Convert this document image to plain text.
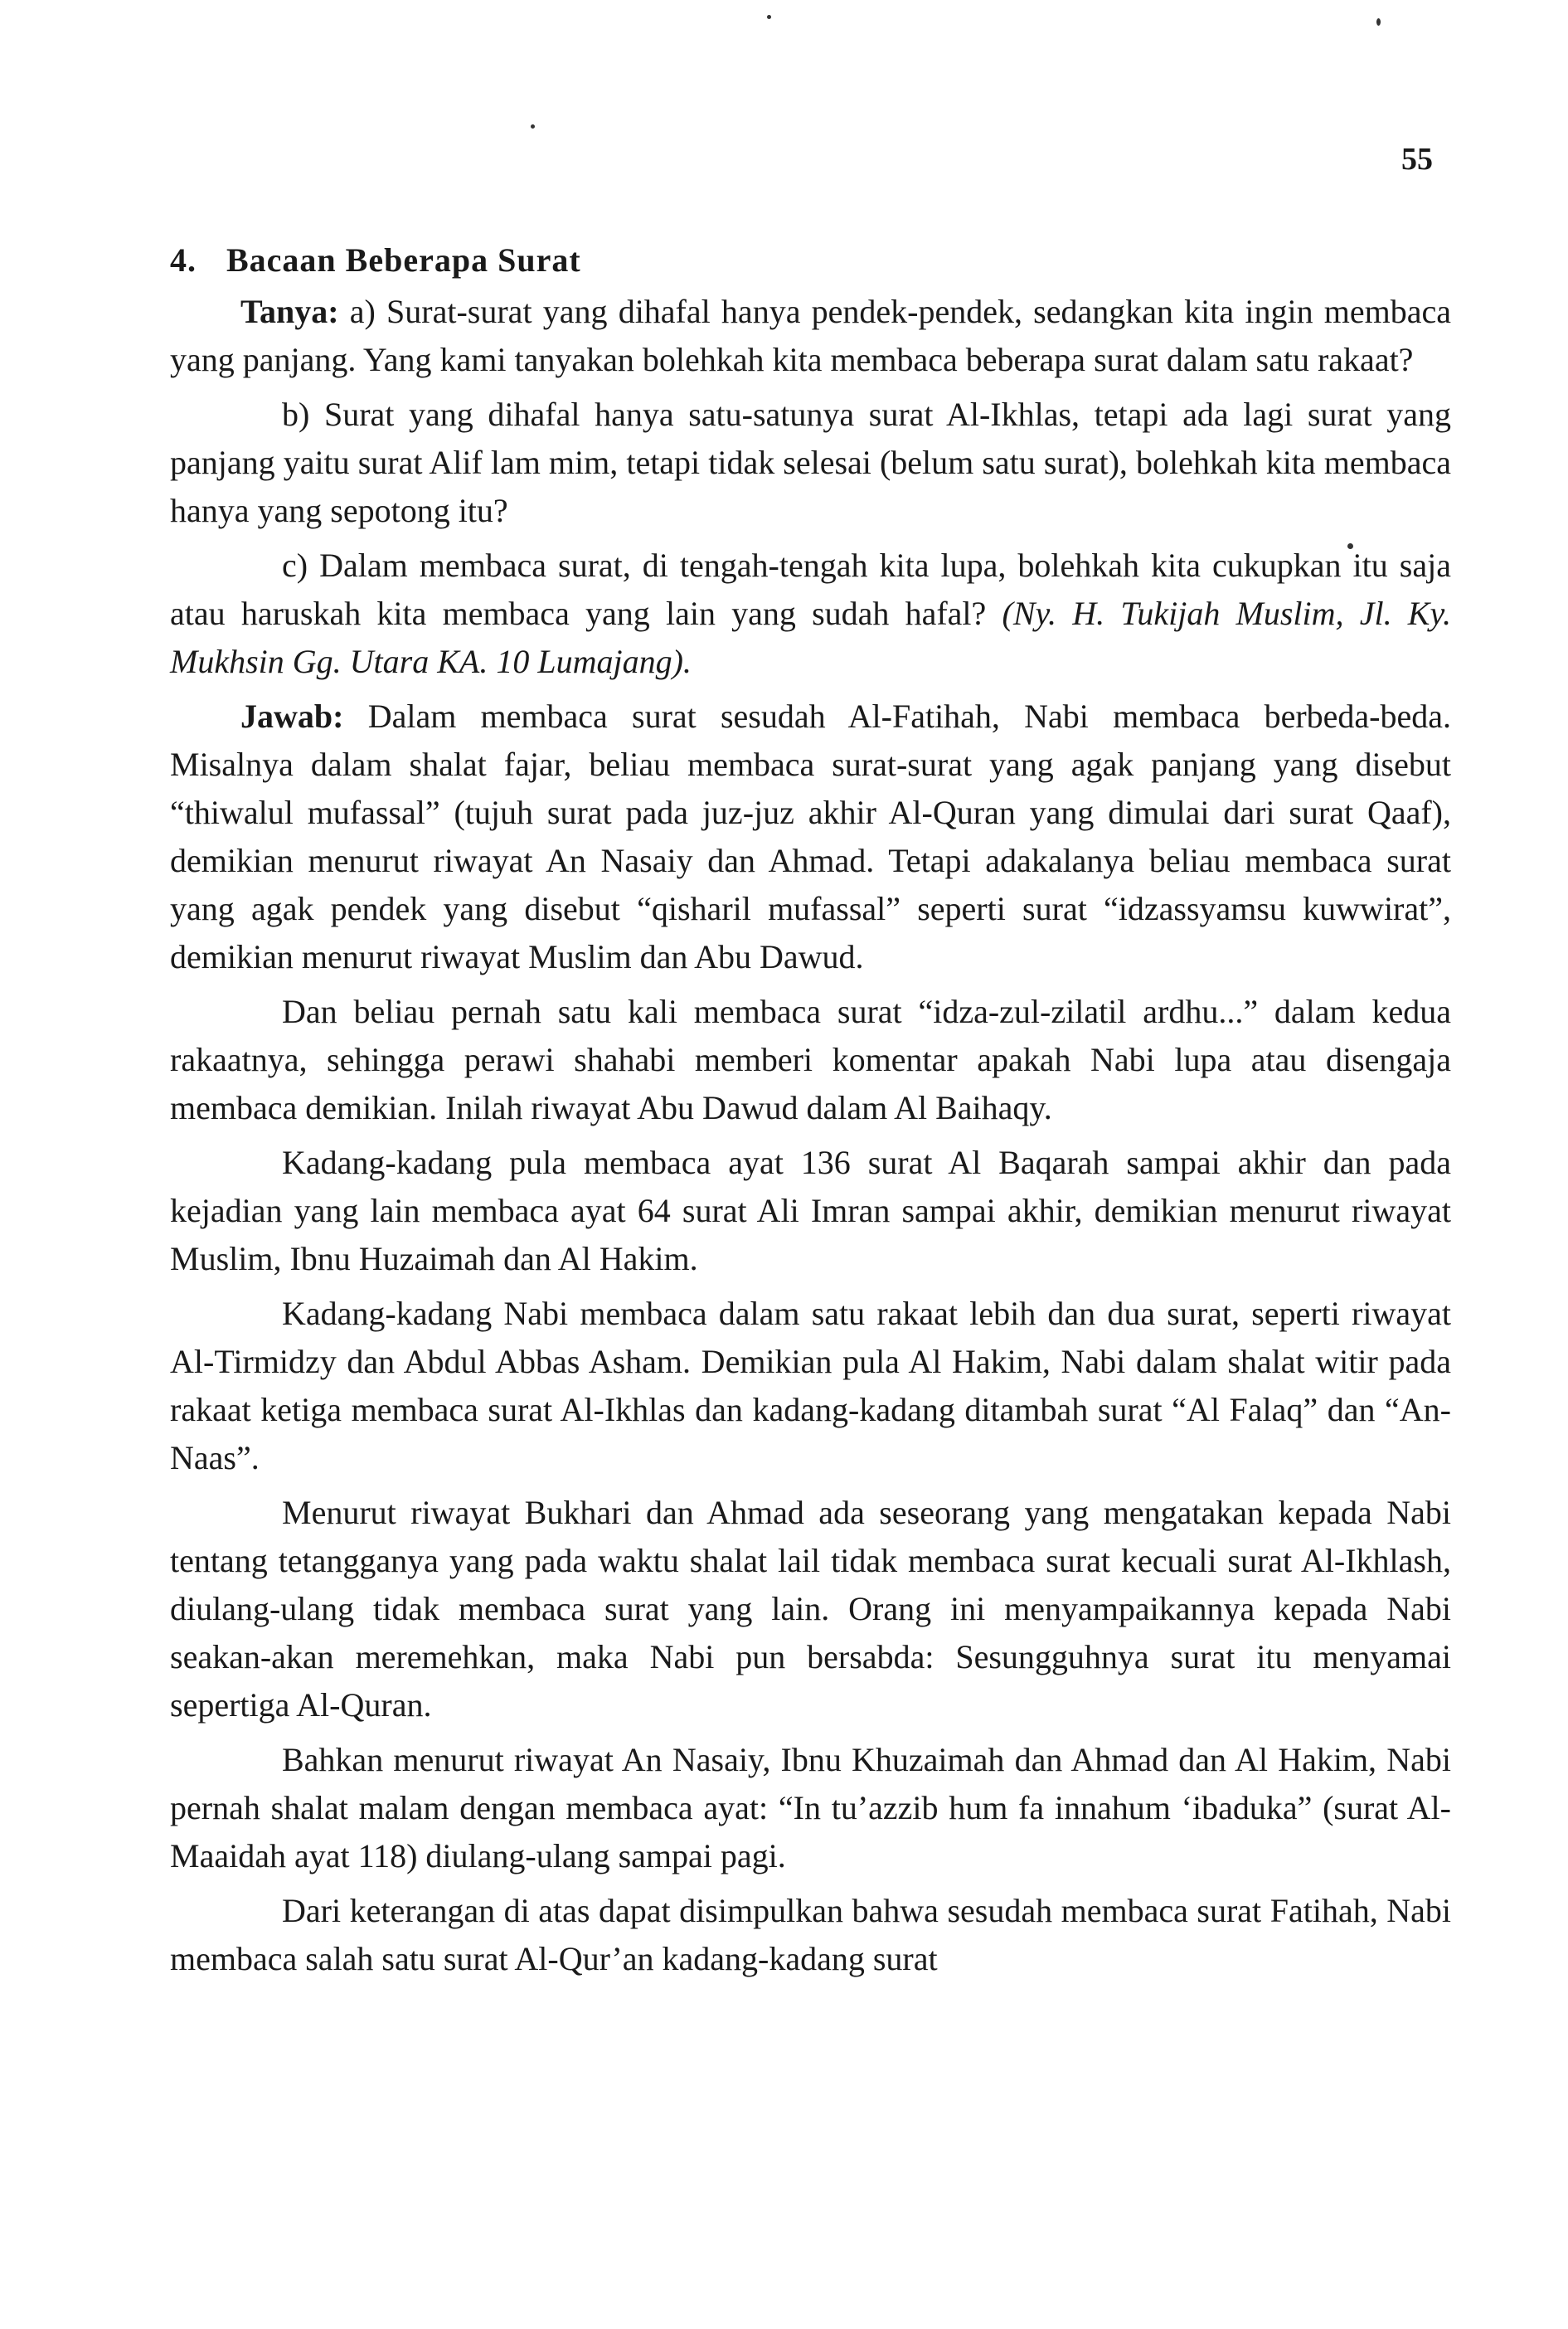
55
4. Bacaan Beberapa Surat

Tanya: a) Surat-surat yang dihafal hanya pendek-pendek, sedangkan kita ingin membaca yang panjang. Yang kami tanyakan bolehkah kita membaca beberapa surat dalam satu rakaat?

b) Surat yang dihafal hanya satu-satunya surat Al-Ikhlas, tetapi ada lagi surat yang panjang yaitu surat Alif lam mim, tetapi tidak selesai (belum satu surat), bolehkah kita membaca hanya yang sepotong itu?

c) Dalam membaca surat, di tengah-tengah kita lupa, bolehkah kita cukupkan itu saja atau haruskah kita membaca yang lain yang sudah hafal? (Ny. H. Tukijah Muslim, Jl. Ky. Mukhsin Gg. Utara KA. 10 Lumajang).

Jawab: Dalam membaca surat sesudah Al-Fatihah, Nabi membaca berbeda-beda. Misalnya dalam shalat fajar, beliau membaca surat-surat yang agak panjang yang disebut “thiwalul mufassal” (tujuh surat pada juz-juz akhir Al-Quran yang dimulai dari surat Qaaf), demikian menurut riwayat An Nasaiy dan Ahmad. Tetapi adakalanya beliau membaca surat yang agak pendek yang disebut “qisharil mufassal” seperti surat “idzassyamsu kuwwirat”, demikian menurut riwayat Muslim dan Abu Dawud.

Dan beliau pernah satu kali membaca surat “idza-zul-zilatil ardhu...” dalam kedua rakaatnya, sehingga perawi shahabi memberi komentar apakah Nabi lupa atau disengaja membaca demikian. Inilah riwayat Abu Dawud dalam Al Baihaqy.

Kadang-kadang pula membaca ayat 136 surat Al Baqarah sampai akhir dan pada kejadian yang lain membaca ayat 64 surat Ali Imran sampai akhir, demikian menurut riwayat Muslim, Ibnu Huzaimah dan Al Hakim.

Kadang-kadang Nabi membaca dalam satu rakaat lebih dan dua surat, seperti riwayat Al-Tirmidzy dan Abdul Abbas Asham. Demikian pula Al Hakim, Nabi dalam shalat witir pada rakaat ketiga membaca surat Al-Ikhlas dan kadang-kadang ditambah surat “Al Falaq” dan “An-Naas”.

Menurut riwayat Bukhari dan Ahmad ada seseorang yang mengatakan kepada Nabi tentang tetangganya yang pada waktu shalat lail tidak membaca surat kecuali surat Al-Ikhlash, diulang-ulang tidak membaca surat yang lain. Orang ini menyampaikannya kepada Nabi seakan-akan meremehkan, maka Nabi pun bersabda: Sesungguhnya surat itu menyamai sepertiga Al-Quran.

Bahkan menurut riwayat An Nasaiy, Ibnu Khuzaimah dan Ahmad dan Al Hakim, Nabi pernah shalat malam dengan membaca ayat: “In tu’azzib hum fa innahum ‘ibaduka” (surat Al-Maaidah ayat 118) diulang-ulang sampai pagi.

Dari keterangan di atas dapat disimpulkan bahwa sesudah membaca surat Fatihah, Nabi membaca salah satu surat Al-Qur’an kadang-kadang surat
